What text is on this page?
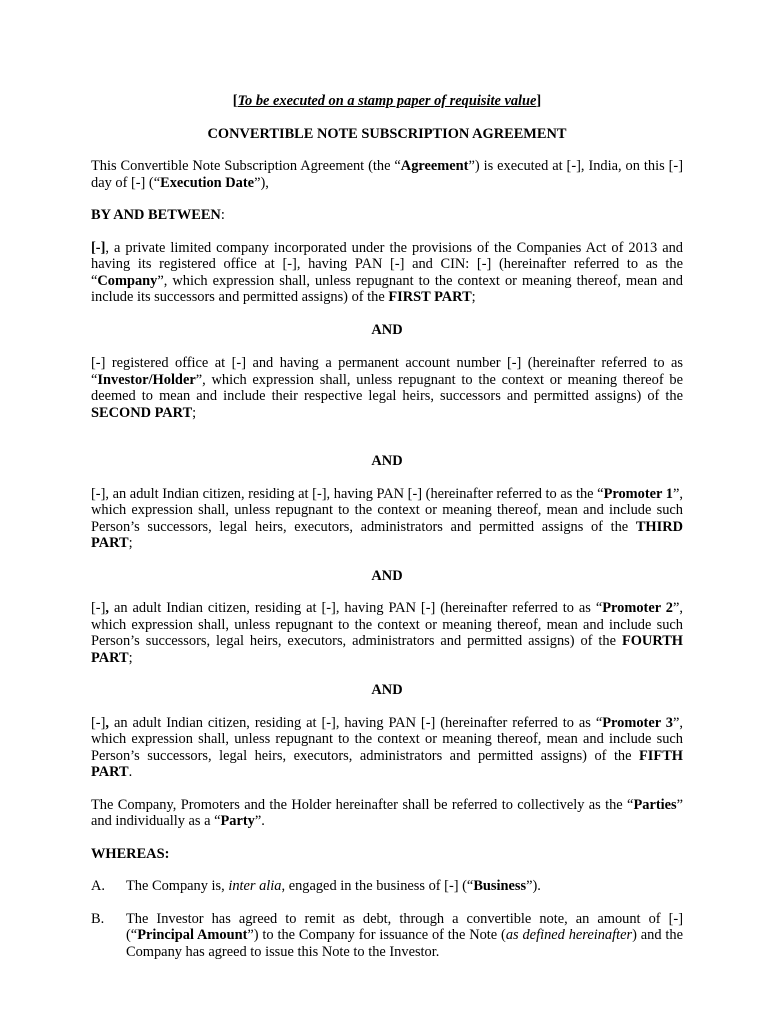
[To be executed on a stamp paper of requisite value]

CONVERTIBLE NOTE SUBSCRIPTION AGREEMENT

This Convertible Note Subscription Agreement (the “Agreement”) is executed at [-], India, on this [-] day of [-] (“Execution Date”),

BY AND BETWEEN:

[-], a private limited company incorporated under the provisions of the Companies Act of 2013 and having its registered office at [-], having PAN [-] and CIN: [-] (hereinafter referred to as the “Company”, which expression shall, unless repugnant to the context or meaning thereof, mean and include its successors and permitted assigns) of the FIRST PART;

AND

[-] registered office at [-] and having a permanent account number [-] (hereinafter referred to as “Investor/Holder”, which expression shall, unless repugnant to the context or meaning thereof be deemed to mean and include their respective legal heirs, successors and permitted assigns) of the SECOND PART;

AND

[-], an adult Indian citizen, residing at [-], having PAN [-] (hereinafter referred to as the “Promoter 1”, which expression shall, unless repugnant to the context or meaning thereof, mean and include such Person’s successors, legal heirs, executors, administrators and permitted assigns of the THIRD PART;

AND

[-], an adult Indian citizen, residing at [-], having PAN [-] (hereinafter referred to as “Promoter 2”, which expression shall, unless repugnant to the context or meaning thereof, mean and include such Person’s successors, legal heirs, executors, administrators and permitted assigns) of the FOURTH PART;

AND

[-], an adult Indian citizen, residing at [-], having PAN [-] (hereinafter referred to as “Promoter 3”, which expression shall, unless repugnant to the context or meaning thereof, mean and include such Person’s successors, legal heirs, executors, administrators and permitted assigns) of the FIFTH PART.

The Company, Promoters and the Holder hereinafter shall be referred to collectively as the “Parties” and individually as a “Party”.

WHEREAS:

A. The Company is, inter alia, engaged in the business of [-] (“Business”).
B. The Investor has agreed to remit as debt, through a convertible note, an amount of [-] (“Principal Amount”) to the Company for issuance of the Note (as defined hereinafter) and the Company has agreed to issue this Note to the Investor.
